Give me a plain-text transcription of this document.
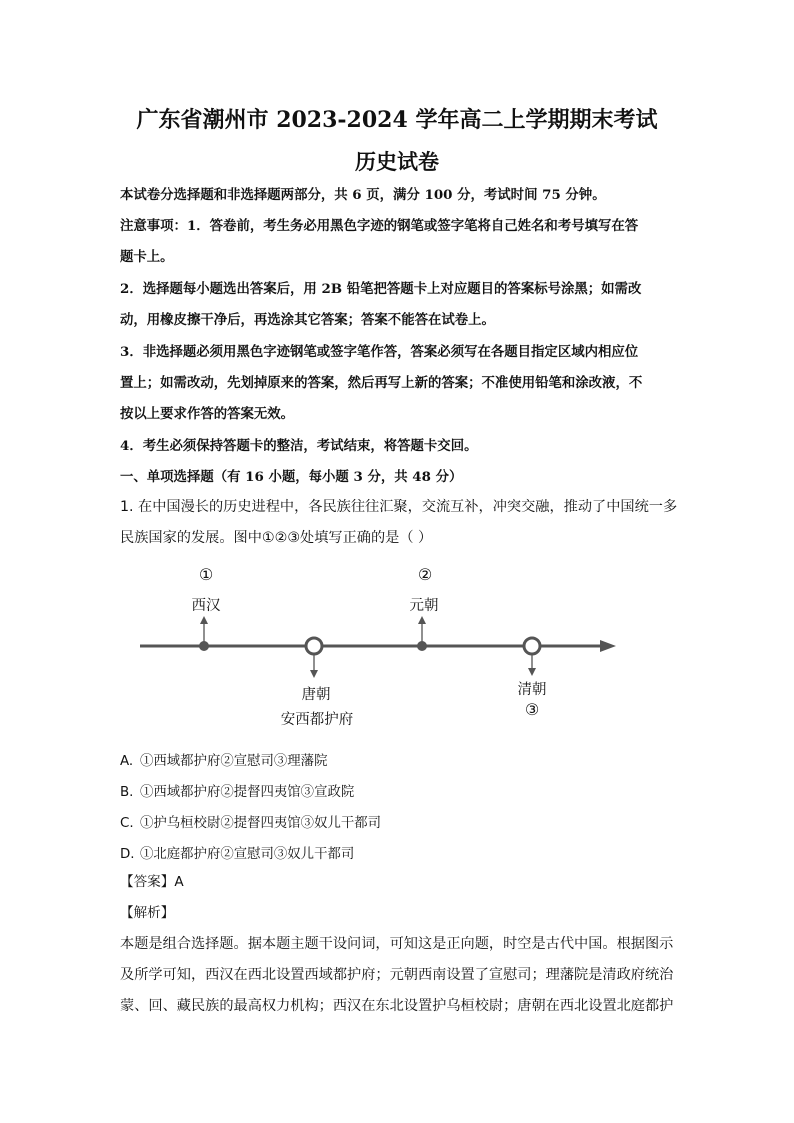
广东省潮州市 2023-2024 学年高二上学期期末考试
历史试卷
本试卷分选择题和非选择题两部分，共 6 页，满分 100 分，考试时间 75 分钟。
注意事项：1．答卷前，考生务必用黑色字迹的钢笔或签字笔将自己姓名和考号填写在答
题卡上。
2．选择题每小题选出答案后，用 2B 铅笔把答题卡上对应题目的答案标号涂黑；如需改
动，用橡皮擦干净后，再选涂其它答案；答案不能答在试卷上。
3．非选择题必须用黑色字迹钢笔或签字笔作答，答案必须写在各题目指定区域内相应位
置上；如需改动，先划掉原来的答案，然后再写上新的答案；不准使用铅笔和涂改液，不
按以上要求作答的答案无效。
4．考生必须保持答题卡的整洁，考试结束，将答题卡交回。
一、单项选择题（有 16 小题，每小题 3 分，共 48 分）
1. 在中国漫长的历史进程中，各民族往往汇聚，交流互补，冲突交融，推动了中国统一多
民族国家的发展。图中①②③处填写正确的是（ ）
①
西汉
②
元朝
唐朝
安西都护府
清朝
③
A. ①西域都护府②宣慰司③理藩院
B. ①西域都护府②提督四夷馆③宣政院
C. ①护乌桓校尉②提督四夷馆③奴儿干都司
D. ①北庭都护府②宣慰司③奴儿干都司
【答案】A
【解析】
本题是组合选择题。据本题主题干设问词，可知这是正向题，时空是古代中国。根据图示
及所学可知，西汉在西北设置西域都护府；元朝西南设置了宣慰司；理藩院是清政府统治
蒙、回、藏民族的最高权力机构；西汉在东北设置护乌桓校尉；唐朝在西北设置北庭都护
